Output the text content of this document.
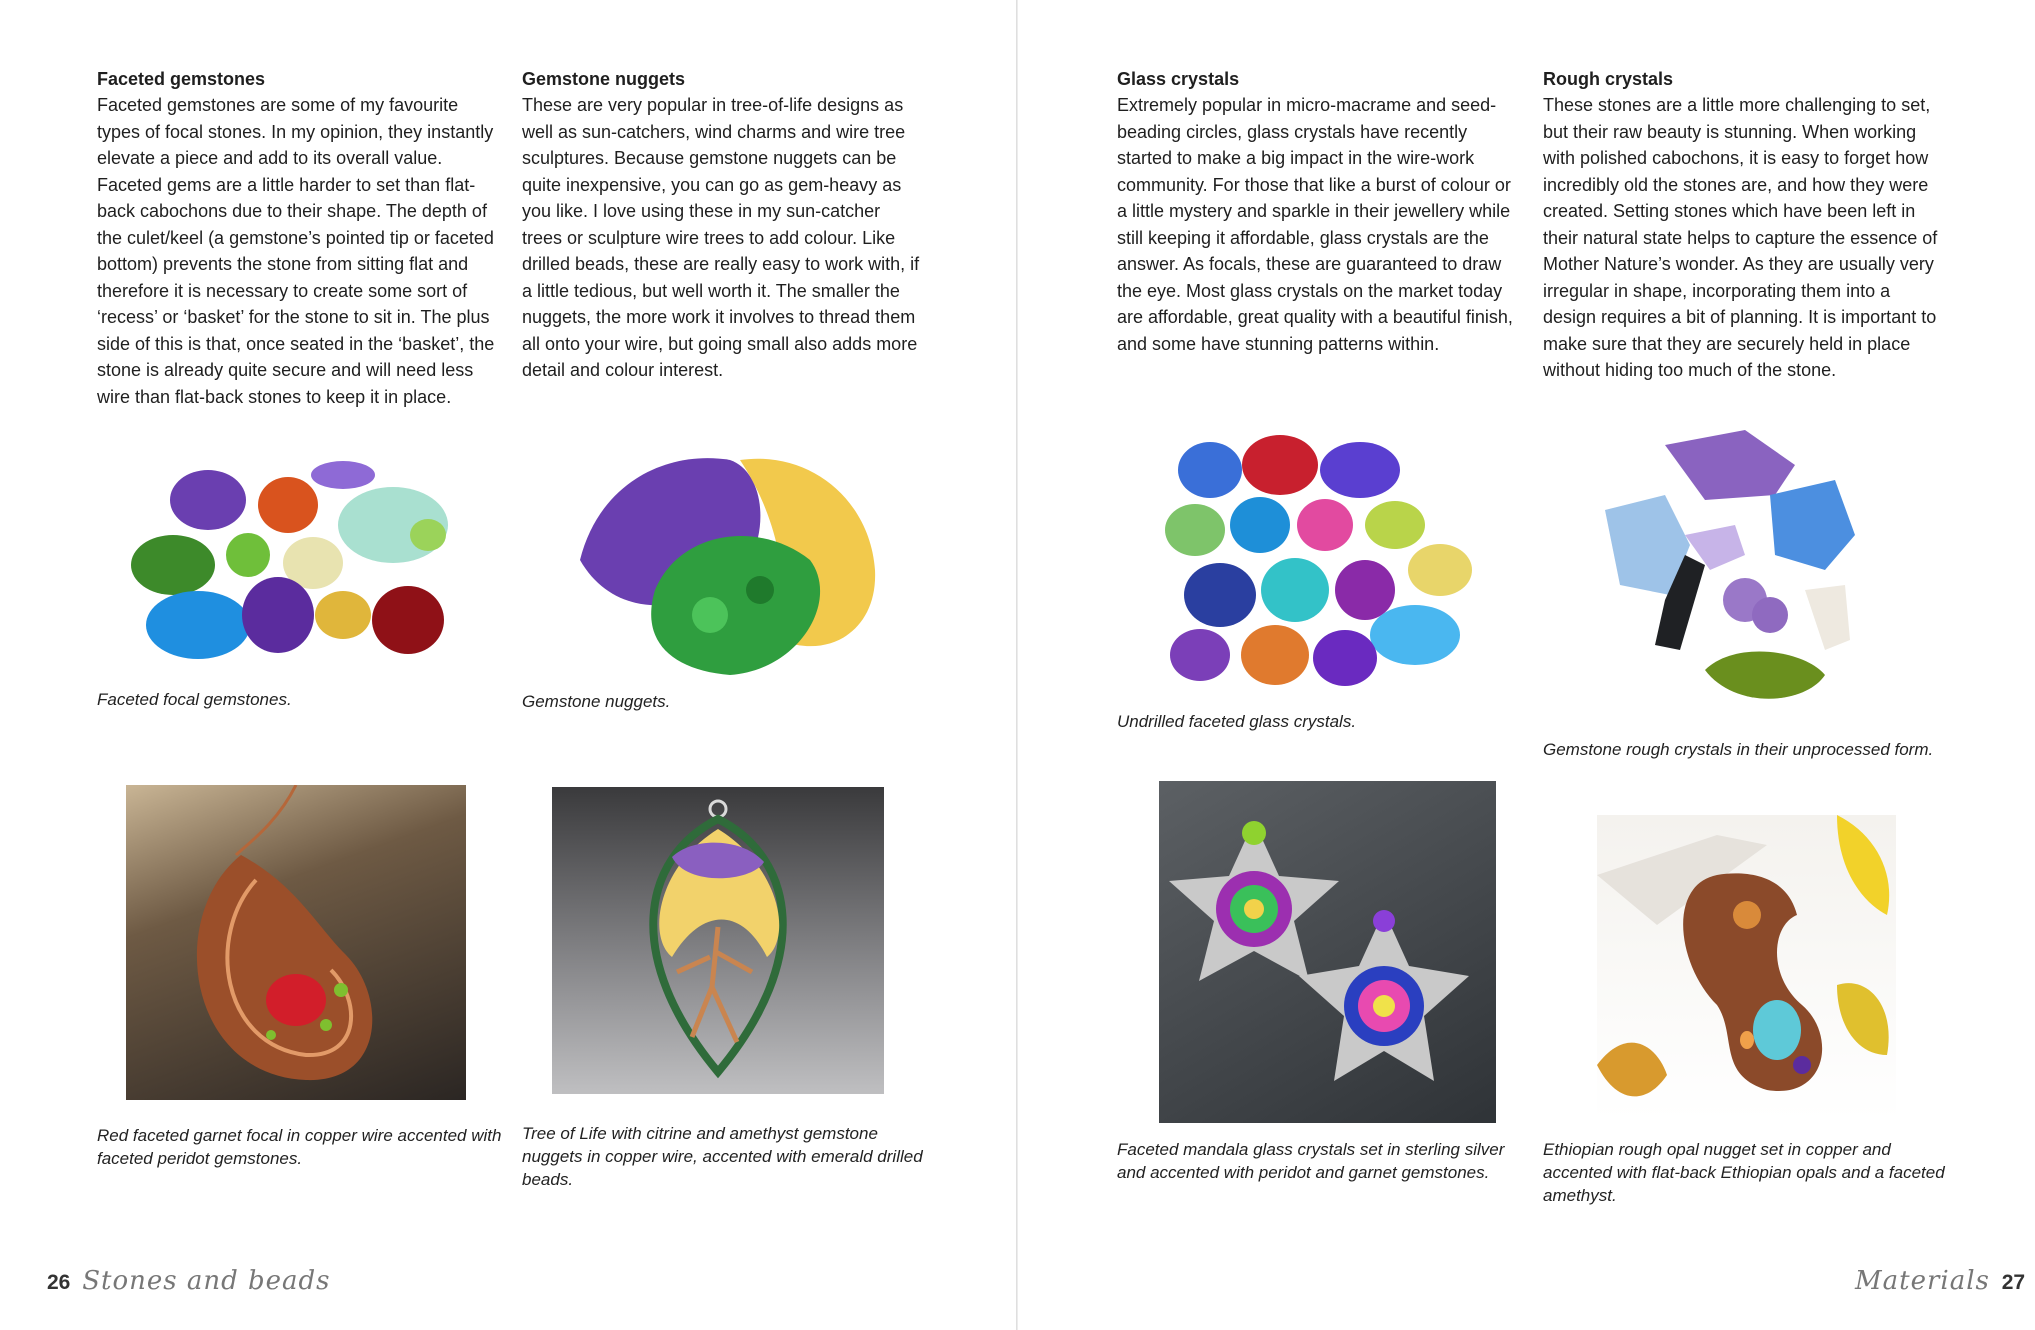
Faceted gemstones

Faceted gemstones are some of my favourite types of focal stones. In my opinion, they instantly elevate a piece and add to its overall value. Faceted gems are a little harder to set than flat-back cabochons due to their shape. The depth of the culet/keel (a gemstone’s pointed tip or faceted bottom) prevents the stone from sitting flat and therefore it is necessary to create some sort of ‘recess’ or ‘basket’ for the stone to sit in. The plus side of this is that, once seated in the ‘basket’, the stone is already quite secure and will need less wire than flat-back stones to keep it in place.

Gemstone nuggets

These are very popular in tree-of-life designs as well as sun-catchers, wind charms and wire tree sculptures. Because gemstone nuggets can be quite inexpensive, you can go as gem-heavy as you like. I love using these in my sun-catcher trees or sculpture wire trees to add colour. Like drilled beads, these are really easy to work with, if a little tedious, but well worth it. The smaller the nuggets, the more work it involves to thread them all onto your wire, but going small also adds more detail and colour interest.

Faceted focal gemstones.	Gemstone nuggets.

Red faceted garnet focal in copper wire accented with faceted peridot gemstones.

Tree of Life with citrine and amethyst gemstone nuggets in copper wire, accented with emerald drilled beads.

26 Stones and beads

Glass crystals

Extremely popular in micro-macrame and seed-beading circles, glass crystals have recently started to make a big impact in the wire-work community. For those that like a burst of colour or a little mystery and sparkle in their jewellery while still keeping it affordable, glass crystals are the answer. As focals, these are guaranteed to draw the eye. Most glass crystals on the market today are affordable, great quality with a beautiful finish, and some have stunning patterns within.

Rough crystals

These stones are a little more challenging to set, but their raw beauty is stunning. When working with polished cabochons, it is easy to forget how incredibly old the stones are, and how they were created. Setting stones which have been left in their natural state helps to capture the essence of Mother Nature’s wonder. As they are usually very irregular in shape, incorporating them into a design requires a bit of planning. It is important to make sure that they are securely held in place without hiding too much of the stone.

Undrilled faceted glass crystals.

Gemstone rough crystals in their unprocessed form.

Faceted mandala glass crystals set in sterling silver and accented with peridot and garnet gemstones.

Ethiopian rough opal nugget set in copper and accented with flat-back Ethiopian opals and a faceted amethyst.

Materials 27
